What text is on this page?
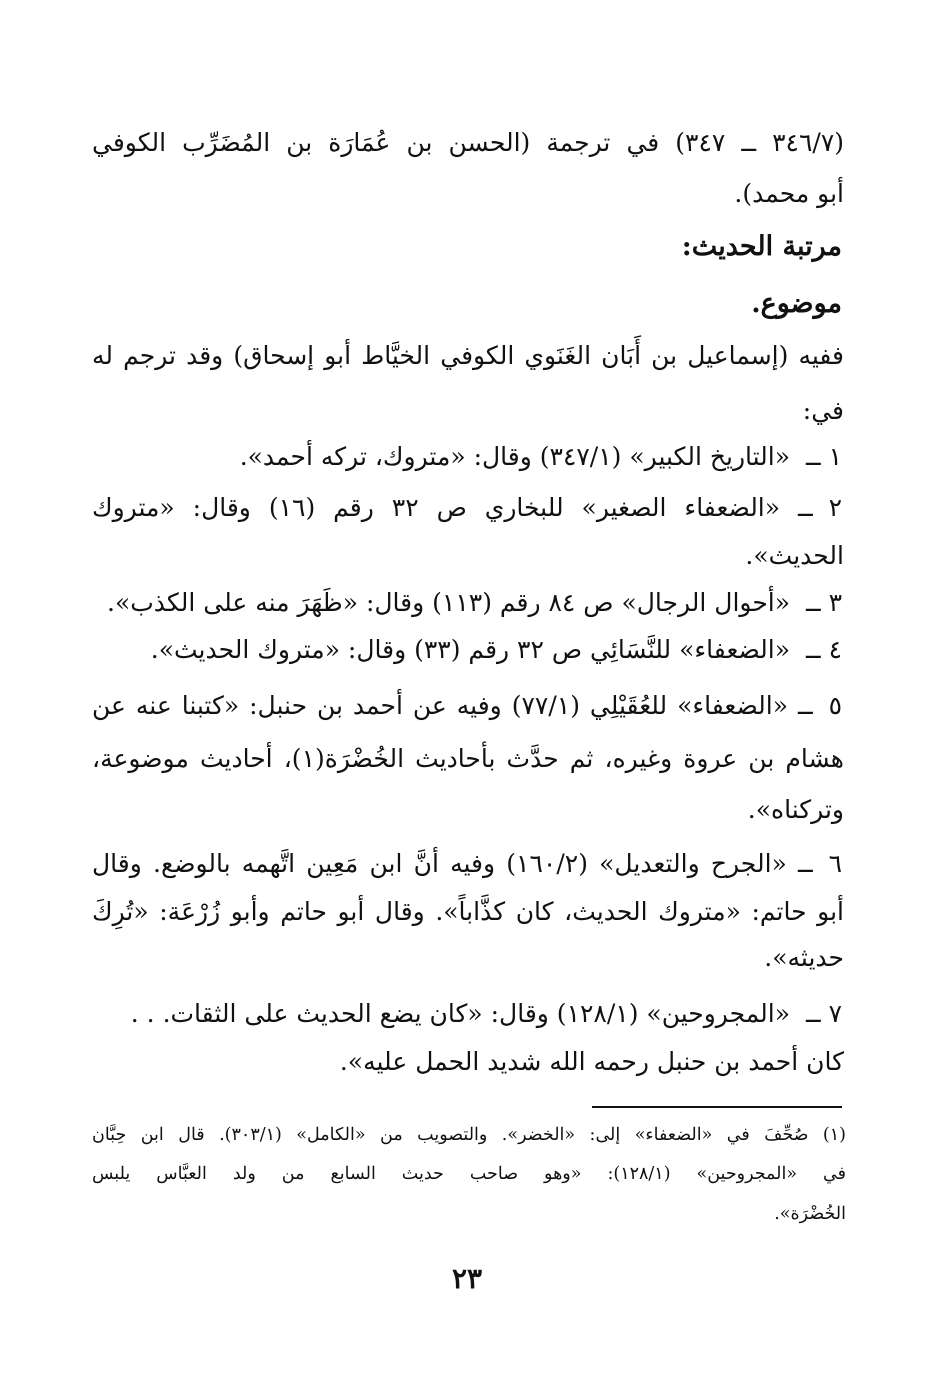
(٣٤٦/٧ ــ ٣٤٧) في ترجمة (الحسن بن عُمَارَة بن المُضَرِّب الكوفي

أبو محمد).

مرتبة الحديث:

موضوع.

ففيه (إسماعيل بن أَبَان الغَنَوي الكوفي الخيَّاط أبو إسحاق) وقد ترجم له

في:

١ ــ «التاريخ الكبير» (٣٤٧/١) وقال: «متروك، تركه أحمد».

٢ ــ «الضعفاء الصغير» للبخاري ص ٣٢ رقم (١٦) وقال: «متروك

الحديث».

٣ ــ «أحوال الرجال» ص ٨٤ رقم (١١٣) وقال: «ظَهَرَ منه على الكذب».

٤ ــ «الضعفاء» للنَّسَائِي ص ٣٢ رقم (٣٣) وقال: «متروك الحديث».

٥ ــ «الضعفاء» للعُقَيْلِي (٧٧/١) وفيه عن أحمد بن حنبل: «كتبنا عنه عن

هشام بن عروة وغيره، ثم حدَّث بأحاديث الخُضْرَة(١)، أحاديث موضوعة،

وتركناه».

٦ ــ «الجرح والتعديل» (١٦٠/٢) وفيه أنَّ ابن مَعِين اتَّهمه بالوضع. وقال

أبو حاتم: «متروك الحديث، كان كذَّاباً». وقال أبو حاتم وأبو زُرْعَة: «تُرِكَ

حديثه».

٧ ــ «المجروحين» (١٢٨/١) وقال: «كان يضع الحديث على الثقات. . .

كان أحمد بن حنبل رحمه الله شديد الحمل عليه».

(١) صُحِّفَ في «الضعفاء» إلى: «الخضر». والتصويب من «الكامل» (٣٠٣/١). قال ابن حِبَّان

في «المجروحين» (١٢٨/١): «وهو صاحب حديث السابع من ولد العبَّاس يلبس

الخُضْرَة».

٢٣
